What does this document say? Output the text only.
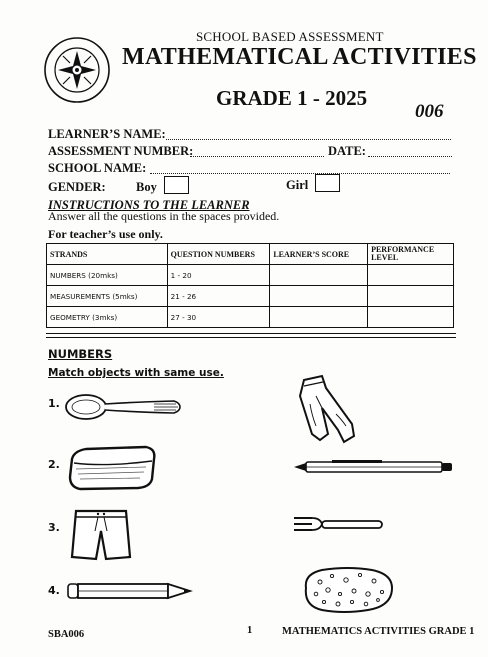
SCHOOL BASED ASSESSMENT
MATHEMATICAL ACTIVITIES
GRADE 1 - 2025
006
LEARNER’S NAME:
ASSESSMENT NUMBER:	DATE:
SCHOOL NAME:
GENDER: Boy	Girl
INSTRUCTIONS TO THE LEARNER
Answer all the questions in the spaces provided.
For teacher’s use only.
STRANDS	QUESTION NUMBERS	LEARNER’S SCORE	PERFORMANCE LEVEL
NUMBERS (20mks)	1 - 20		
MEASUREMENTS (5mks)	21 - 26		
GEOMETRY (3mks)	27 - 30		
NUMBERS
Match objects with same use.
1.
2.
3.
4.
SBA006	1	MATHEMATICS ACTIVITIES GRADE 1
